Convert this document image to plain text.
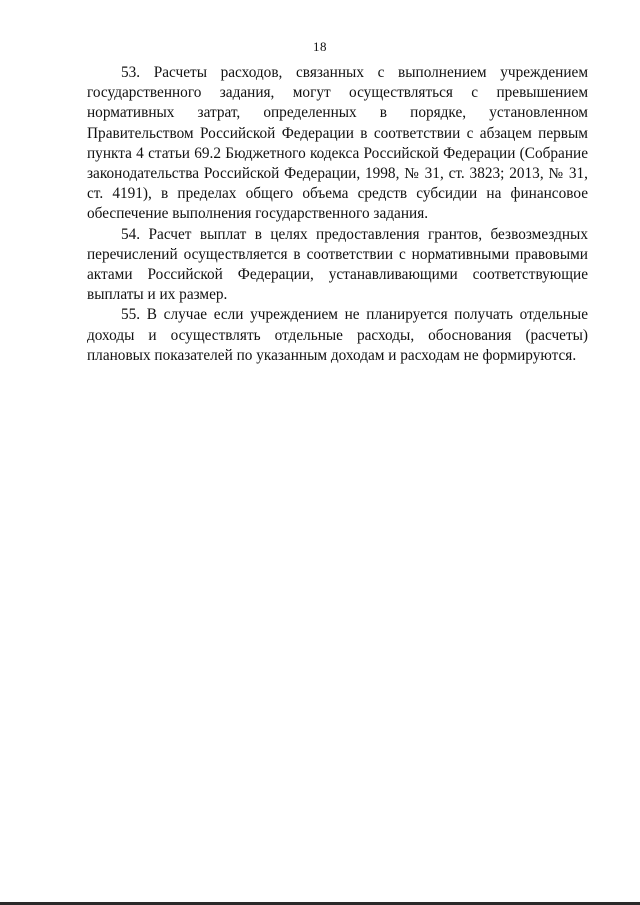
18

53. Расчеты расходов, связанных с выполнением учреждением государственного задания, могут осуществляться с превышением нормативных затрат, определенных в порядке, установленном Правительством Российской Федерации в соответствии с абзацем первым пункта 4 статьи 69.2 Бюджетного кодекса Российской Федерации (Собрание законодательства Российской Федерации, 1998, № 31, ст. 3823; 2013, № 31, ст. 4191), в пределах общего объема средств субсидии на финансовое обеспечение выполнения государственного задания.

54. Расчет выплат в целях предоставления грантов, безвозмездных перечислений осуществляется в соответствии с нормативными правовыми актами Российской Федерации, устанавливающими соответствующие выплаты и их размер.

55. В случае если учреждением не планируется получать отдельные доходы и осуществлять отдельные расходы, обоснования (расчеты) плановых показателей по указанным доходам и расходам не формируются.
